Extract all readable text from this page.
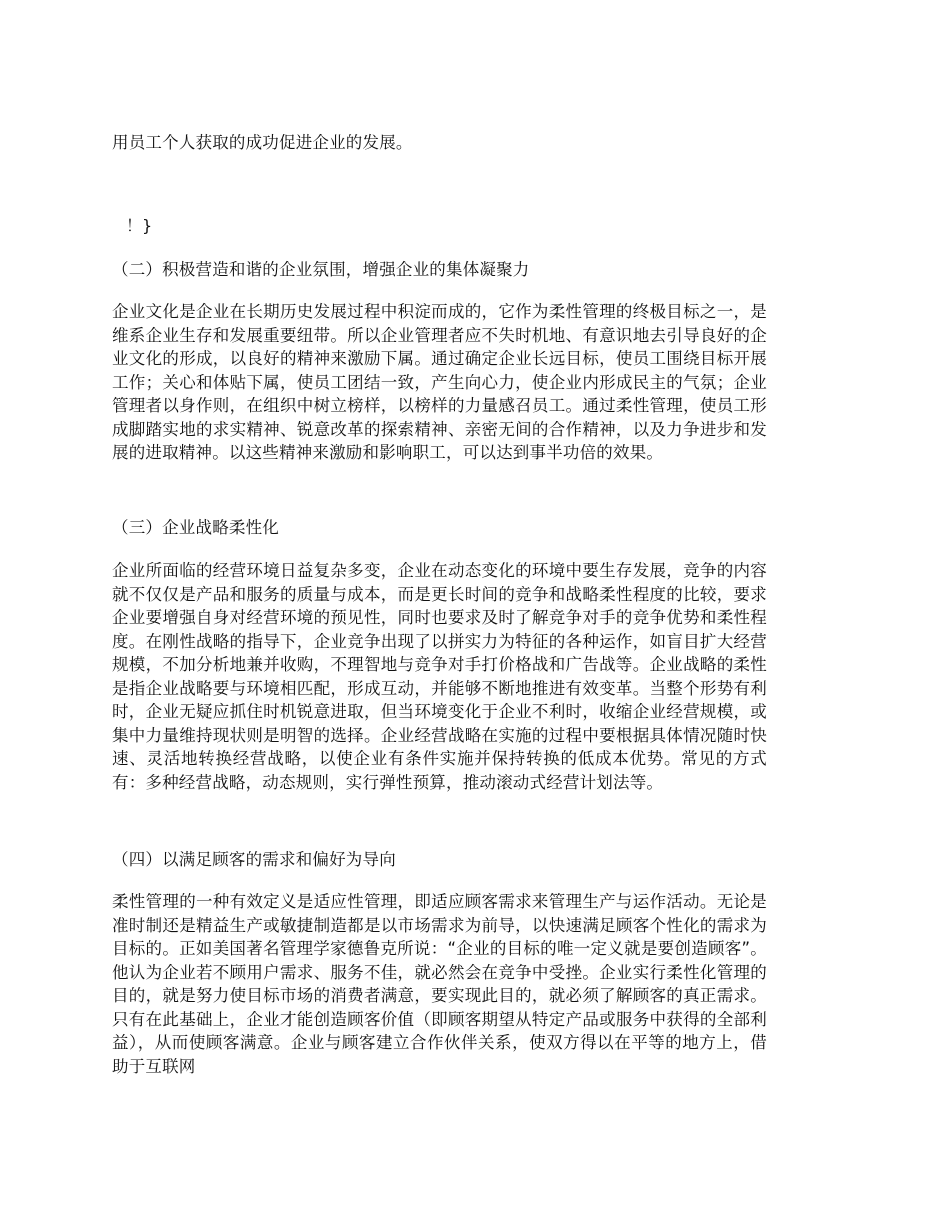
用员工个人获取的成功促进企业的发展。
！}
（二）积极营造和谐的企业氛围，增强企业的集体凝聚力
企业文化是企业在长期历史发展过程中积淀而成的，它作为柔性管理的终极目标之一，是维系企业生存和发展重要纽带。所以企业管理者应不失时机地、有意识地去引导良好的企业文化的形成，以良好的精神来激励下属。通过确定企业长远目标，使员工围绕目标开展工作；关心和体贴下属，使员工团结一致，产生向心力，使企业内形成民主的气氛；企业管理者以身作则，在组织中树立榜样，以榜样的力量感召员工。通过柔性管理，使员工形成脚踏实地的求实精神、锐意改革的探索精神、亲密无间的合作精神，以及力争进步和发展的进取精神。以这些精神来激励和影响职工，可以达到事半功倍的效果。
（三）企业战略柔性化
企业所面临的经营环境日益复杂多变，企业在动态变化的环境中要生存发展，竞争的内容就不仅仅是产品和服务的质量与成本，而是更长时间的竞争和战略柔性程度的比较，要求企业要增强自身对经营环境的预见性，同时也要求及时了解竞争对手的竞争优势和柔性程度。在刚性战略的指导下，企业竞争出现了以拼实力为特征的各种运作，如盲目扩大经营规模，不加分析地兼并收购，不理智地与竞争对手打价格战和广告战等。企业战略的柔性是指企业战略要与环境相匹配，形成互动，并能够不断地推进有效变革。当整个形势有利时，企业无疑应抓住时机锐意进取，但当环境变化于企业不利时，收缩企业经营规模，或集中力量维持现状则是明智的选择。企业经营战略在实施的过程中要根据具体情况随时快速、灵活地转换经营战略，以使企业有条件实施并保持转换的低成本优势。常见的方式有：多种经营战略，动态规则，实行弹性预算，推动滚动式经营计划法等。
（四）以满足顾客的需求和偏好为导向
柔性管理的一种有效定义是适应性管理，即适应顾客需求来管理生产与运作活动。无论是准时制还是精益生产或敏捷制造都是以市场需求为前导，以快速满足顾客个性化的需求为目标的。正如美国著名管理学家德鲁克所说：“企业的目标的唯一定义就是要创造顾客”。他认为企业若不顾用户需求、服务不佳，就必然会在竞争中受挫。企业实行柔性化管理的目的，就是努力使目标市场的消费者满意，要实现此目的，就必须了解顾客的真正需求。只有在此基础上，企业才能创造顾客价值（即顾客期望从特定产品或服务中获得的全部利益），从而使顾客满意。企业与顾客建立合作伙伴关系，使双方得以在平等的地方上，借助于互联网
